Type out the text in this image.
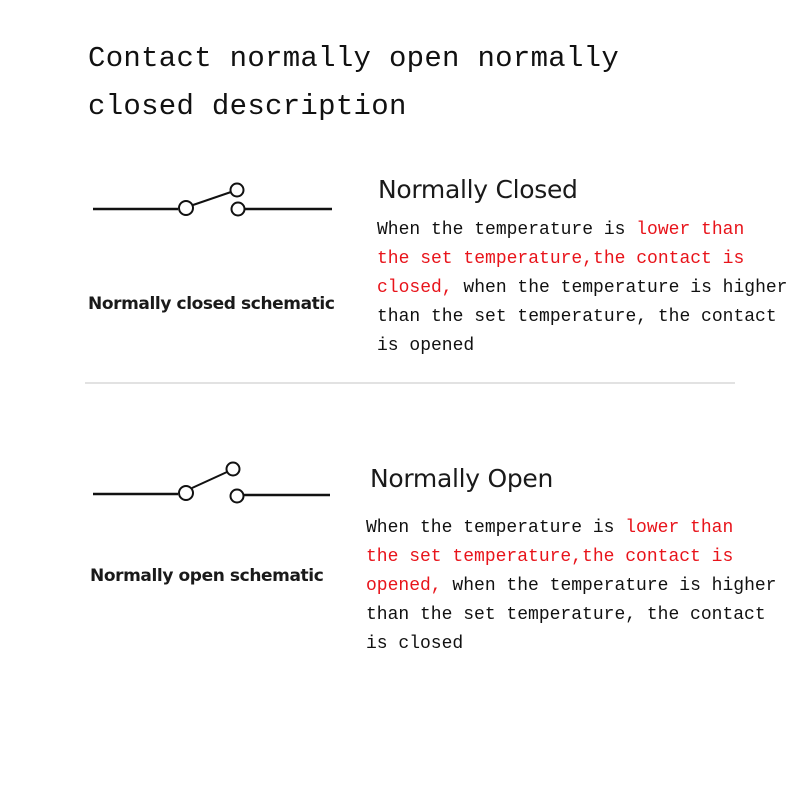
Contact normally open normally
closed description
Normally closed schematic
Normally Closed
When the temperature is lower than
the set temperature,the contact is
closed, when the temperature is higher
than the set temperature, the contact
is opened
Normally open schematic
Normally Open
When the temperature is lower than
the set temperature,the contact is
opened, when the temperature is higher
than the set temperature, the contact
is closed
